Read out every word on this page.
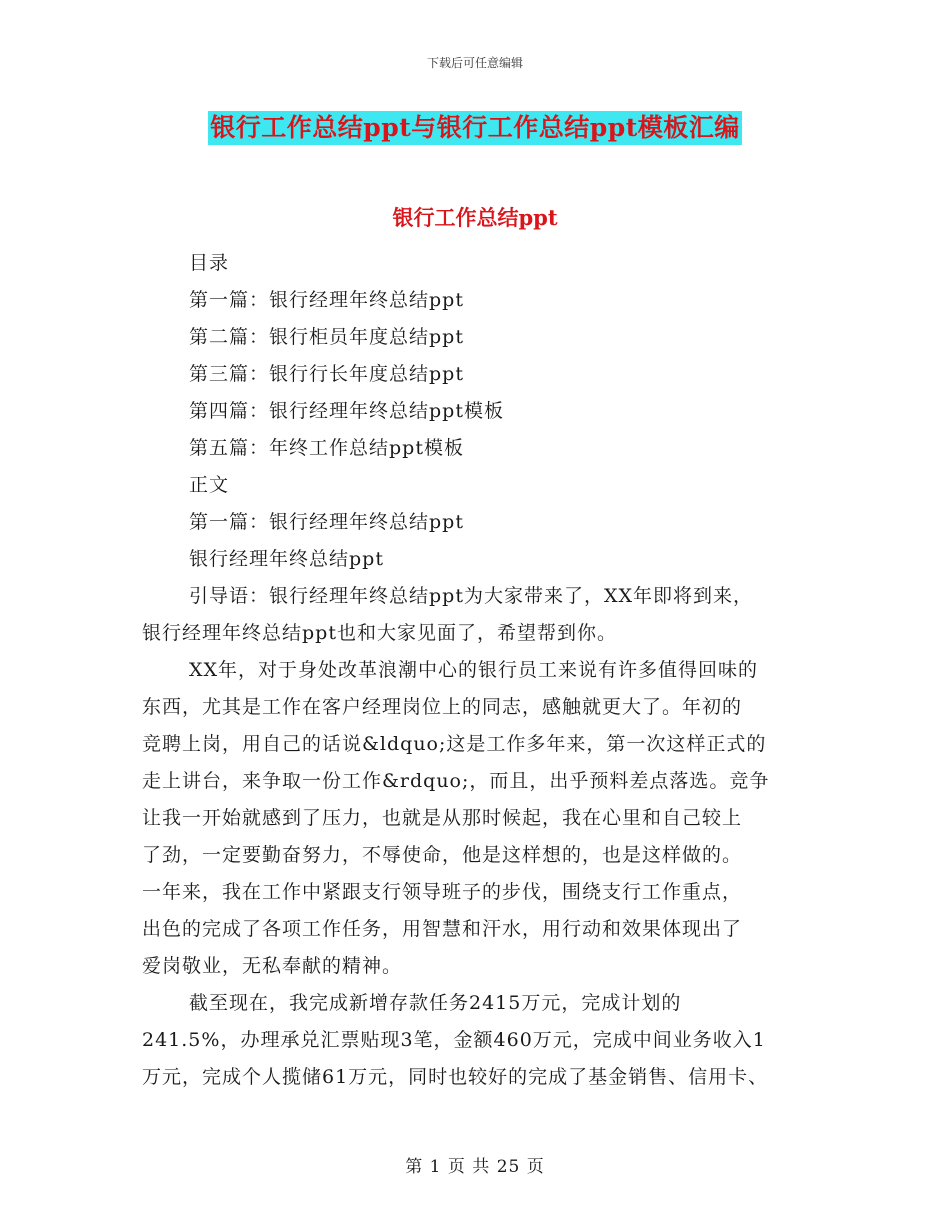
下载后可任意编辑
银行工作总结ppt与银行工作总结ppt模板汇编
银行工作总结ppt
目录
第一篇：银行经理年终总结ppt
第二篇：银行柜员年度总结ppt
第三篇：银行行长年度总结ppt
第四篇：银行经理年终总结ppt模板
第五篇：年终工作总结ppt模板
正文
第一篇：银行经理年终总结ppt
银行经理年终总结ppt
引导语：银行经理年终总结ppt为大家带来了，XX年即将到来，
银行经理年终总结ppt也和大家见面了，希望帮到你。
XX年，对于身处改革浪潮中心的银行员工来说有许多值得回味的
东西，尤其是工作在客户经理岗位上的同志，感触就更大了。年初的
竞聘上岗，用自己的话说&ldquo;这是工作多年来，第一次这样正式的
走上讲台，来争取一份工作&rdquo;，而且，出乎预料差点落选。竞争
让我一开始就感到了压力，也就是从那时候起，我在心里和自己较上
了劲，一定要勤奋努力，不辱使命，他是这样想的，也是这样做的。
一年来，我在工作中紧跟支行领导班子的步伐，围绕支行工作重点，
出色的完成了各项工作任务，用智慧和汗水，用行动和效果体现出了
爱岗敬业，无私奉献的精神。
截至现在，我完成新增存款任务2415万元，完成计划的
241.5%，办理承兑汇票贴现3笔，金额460万元，完成中间业务收入1
万元，完成个人揽储61万元，同时也较好的完成了基金销售、信用卡、
第 1 页 共 25 页
